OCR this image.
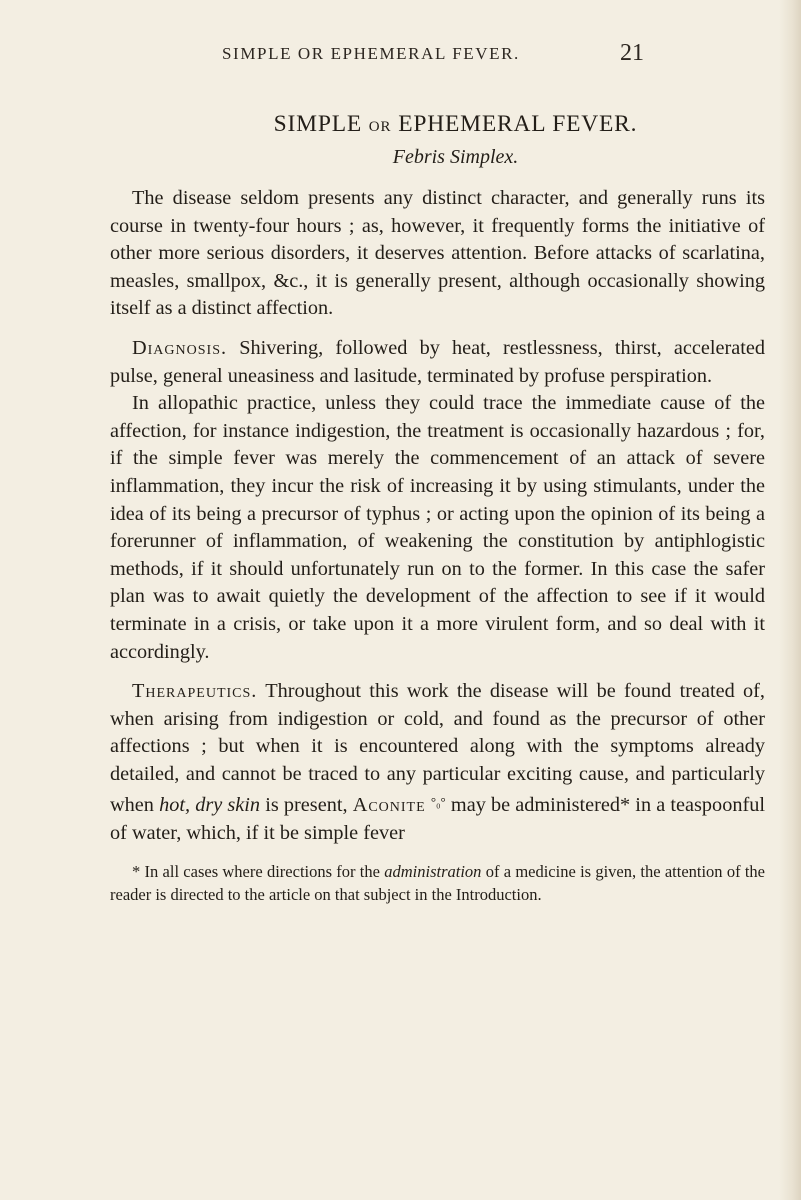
SIMPLE OR EPHEMERAL FEVER.	21
SIMPLE OR EPHEMERAL FEVER.

Febris Simplex.

The disease seldom presents any distinct character, and generally runs its course in twenty-four hours ; as, however, it frequently forms the initiative of other more serious disorders, it deserves attention. Before attacks of scarlatina, measles, smallpox, &c., it is generally present, although occasionally showing itself as a distinct affection.

Diagnosis. Shivering, followed by heat, restlessness, thirst, accelerated pulse, general uneasiness and lasitude, terminated by profuse perspiration.

In allopathic practice, unless they could trace the immediate cause of the affection, for instance indigestion, the treatment is occasionally hazardous ; for, if the simple fever was merely the commencement of an attack of severe inflammation, they incur the risk of increasing it by using stimulants, under the idea of its being a precursor of typhus ; or acting upon the opinion of its being a forerunner of inflammation, of weakening the constitution by antiphlogistic methods, if it should unfortunately run on to the former. In this case the safer plan was to await quietly the development of the affection to see if it would terminate in a crisis, or take upon it a more virulent form, and so deal with it accordingly.

Therapeutics. Throughout this work the disease will be found treated of, when arising from indigestion or cold, and found as the precursor of other affections ; but when it is encountered along with the symptoms already detailed, and cannot be traced to any particular exciting cause, and particularly when hot, dry skin is present, Aconite $^{^\circ_0^\circ}$ may be administered* in a teaspoonful of water, which, if it be simple fever

* In all cases where directions for the administration of a medicine is given, the attention of the reader is directed to the article on that subject in the Introduction.
